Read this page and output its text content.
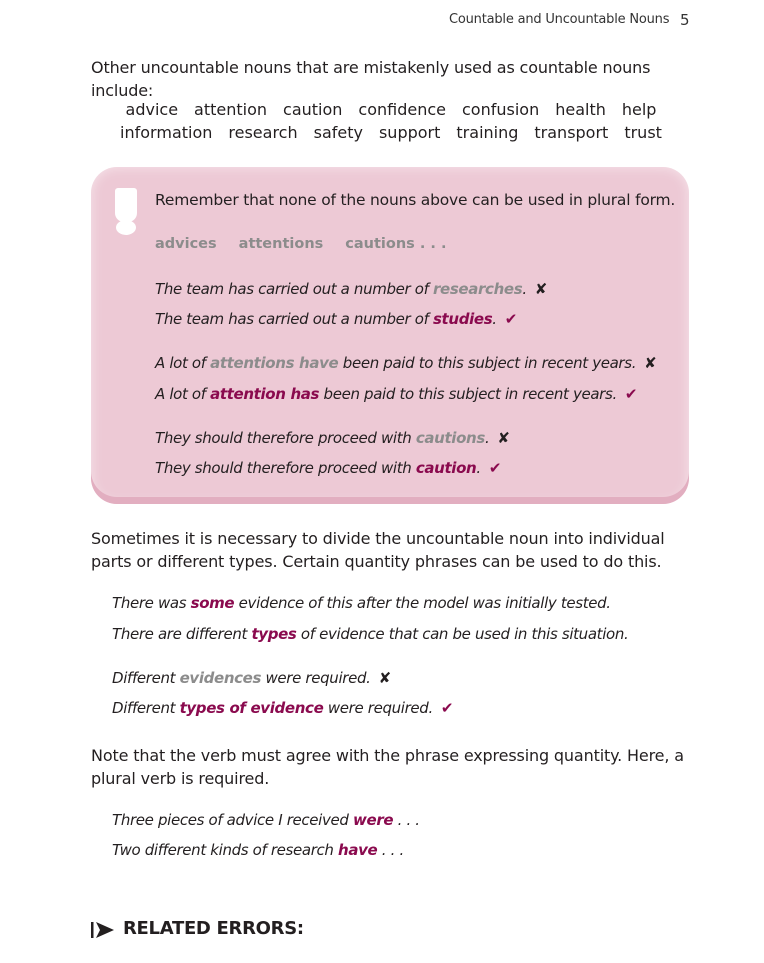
Countable and Uncountable Nouns 5
Other uncountable nouns that are mistakenly used as countable nouns include:
advice attention caution confidence confusion health help
information research safety support training transport trust
Remember that none of the nouns above can be used in plural form.
advices attentions cautions . . .
The team has carried out a number of researches. ✘
The team has carried out a number of studies. ✔
A lot of attentions have been paid to this subject in recent years. ✘
A lot of attention has been paid to this subject in recent years. ✔
They should therefore proceed with cautions. ✘
They should therefore proceed with caution. ✔
Sometimes it is necessary to divide the uncountable noun into individual parts or different types. Certain quantity phrases can be used to do this.
There was some evidence of this after the model was initially tested.
There are different types of evidence that can be used in this situation.
Different evidences were required. ✘
Different types of evidence were required. ✔
Note that the verb must agree with the phrase expressing quantity. Here, a plural verb is required.
Three pieces of advice I received were . . .
Two different kinds of research have . . .
RELATED ERRORS:
